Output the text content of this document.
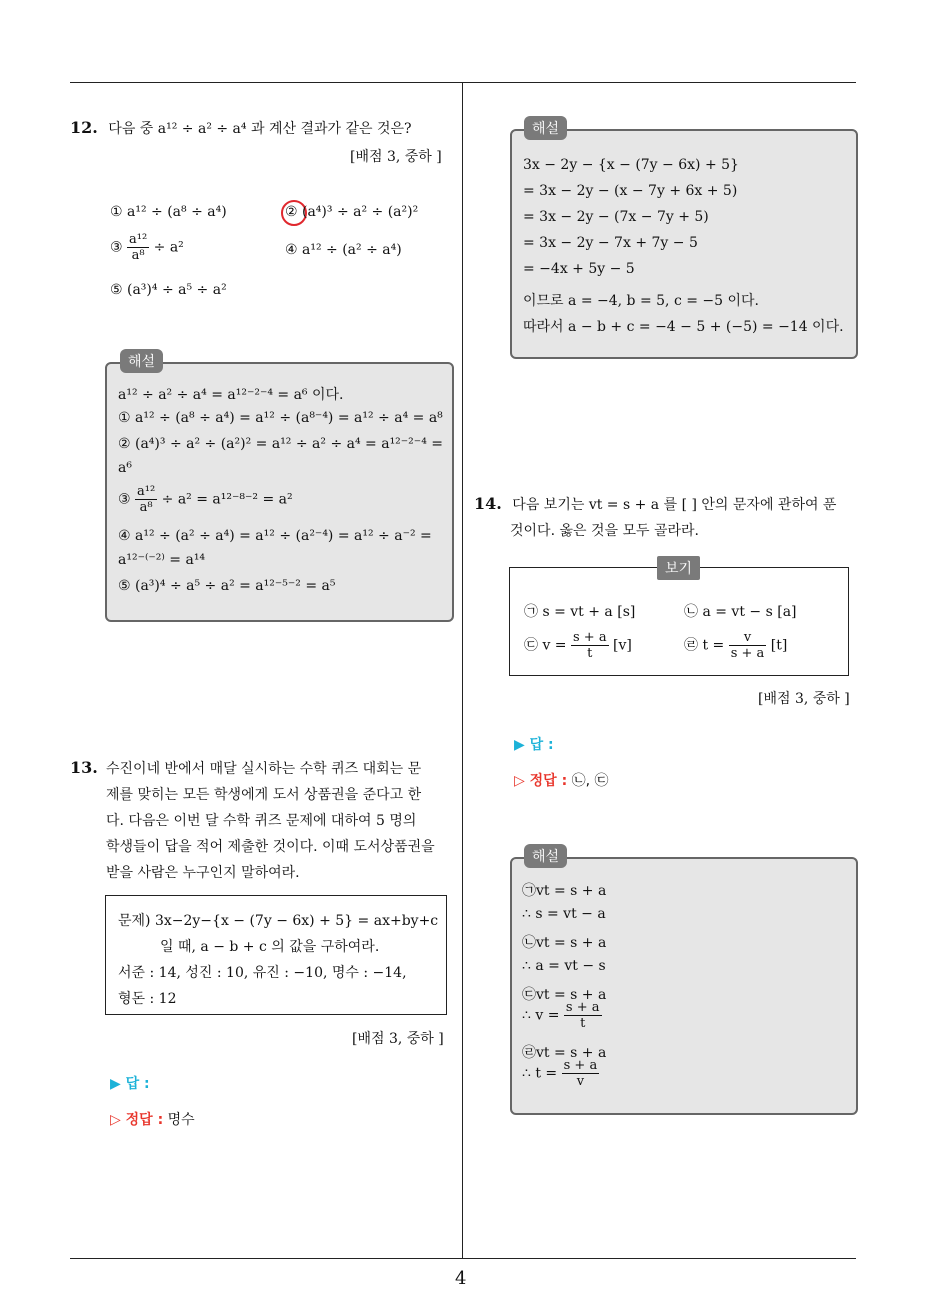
4
12. 다음 중 a¹² ÷ a² ÷ a⁴ 과 계산 결과가 같은 것은?
[배점 3, 중하 ]
① a¹² ÷ (a⁸ ÷ a⁴)	② (a⁴)³ ÷ a² ÷ (a²)²
③ $\frac{\text{a¹²}}{\text{a⁸}} \div a^2$	④ a¹² ÷ (a² ÷ a⁴)
⑤ (a³)⁴ ÷ a⁵ ÷ a²
해설
a¹² ÷ a² ÷ a⁴ = a¹²⁻²⁻⁴ = a⁶ 이다.
① a¹² ÷ (a⁸ ÷ a⁴) = a¹² ÷ (a⁸⁻⁴) = a¹² ÷ a⁴ = a⁸
② (a⁴)³ ÷ a² ÷ (a²)² = a¹² ÷ a² ÷ a⁴ = a¹²⁻²⁻⁴ =
a⁶
③ $\frac{\text{a¹²}}{\text{a⁸}} \div a^2 = a^{12-8-2} = a^2$
④ a¹² ÷ (a² ÷ a⁴) = a¹² ÷ (a²⁻⁴) = a¹² ÷ a⁻² =
a¹²⁻⁽⁻²⁾ = a¹⁴
⑤ (a³)⁴ ÷ a⁵ ÷ a² = a¹²⁻⁵⁻² = a⁵
13. 수진이네 반에서 매달 실시하는 수학 퀴즈 대회는 문
제를 맞히는 모든 학생에게 도서 상품권을 준다고 한
다. 다음은 이번 달 수학 퀴즈 문제에 대하여 5 명의
학생들이 답을 적어 제출한 것이다. 이때 도서상품권을
받을 사람은 누구인지 말하여라.
문제) 3x−2y−{x − (7y − 6x) + 5} = ax+by+c
일 때, a − b + c 의 값을 구하여라.
서준 : 14, 성진 : 10, 유진 : −10, 명수 : −14,
형돈 : 12
[배점 3, 중하 ]
▶ 답 :
▷ 정답 : 명수
해설
3x − 2y − {x − (7y − 6x) + 5}
= 3x − 2y − (x − 7y + 6x + 5)
= 3x − 2y − (7x − 7y + 5)
= 3x − 2y − 7x + 7y − 5
= −4x + 5y − 5
이므로 a = −4, b = 5, c = −5 이다.
따라서 a − b + c = −4 − 5 + (−5) = −14 이다.
14. 다음 보기는 vt = s + a 를 [ ] 안의 문자에 관하여 푼
것이다. 옳은 것을 모두 골라라.
보기
㉠ s = vt + a [s]	㉡ a = vt − s [a]
㉢ $v = \frac{s + a}{t} [v]$	㉣ $t = \frac{v}{s + a} [t]$
[배점 3, 중하 ]
▶ 답 :
▷ 정답 : ㉡, ㉢
해설
㉠vt = s + a
∴ s = vt − a
㉡vt = s + a
∴ a = vt − s
㉢vt = s + a
∴ $v = \frac{s + a}{t}$
㉣vt = s + a
∴ $t = \frac{s + a}{v}$
